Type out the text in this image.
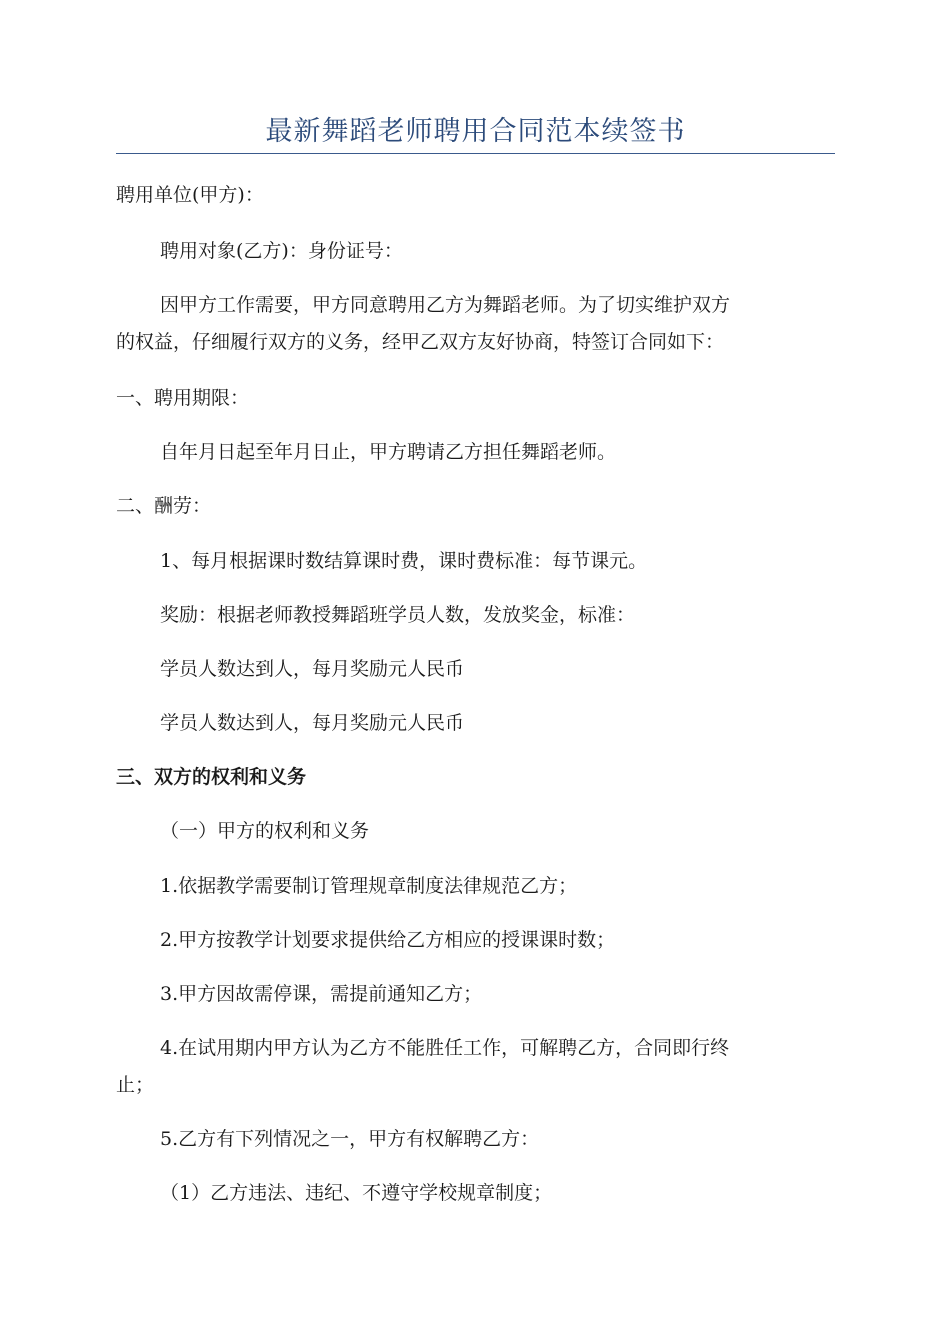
最新舞蹈老师聘用合同范本续签书
聘用单位(甲方)：
聘用对象(乙方)：身份证号：
因甲方工作需要，甲方同意聘用乙方为舞蹈老师。为了切实维护双方
的权益，仔细履行双方的义务，经甲乙双方友好协商，特签订合同如下：
一、聘用期限：
自年月日起至年月日止，甲方聘请乙方担任舞蹈老师。
二、酬劳：
1、每月根据课时数结算课时费，课时费标准：每节课元。
奖励：根据老师教授舞蹈班学员人数，发放奖金，标准：
学员人数达到人，每月奖励元人民币
学员人数达到人，每月奖励元人民币
三、双方的权利和义务
（一）甲方的权利和义务
1.依据教学需要制订管理规章制度法律规范乙方；
2.甲方按教学计划要求提供给乙方相应的授课课时数；
3.甲方因故需停课，需提前通知乙方；
4.在试用期内甲方认为乙方不能胜任工作，可解聘乙方，合同即行终
止；
5.乙方有下列情况之一，甲方有权解聘乙方：
（1）乙方违法、违纪、不遵守学校规章制度；
